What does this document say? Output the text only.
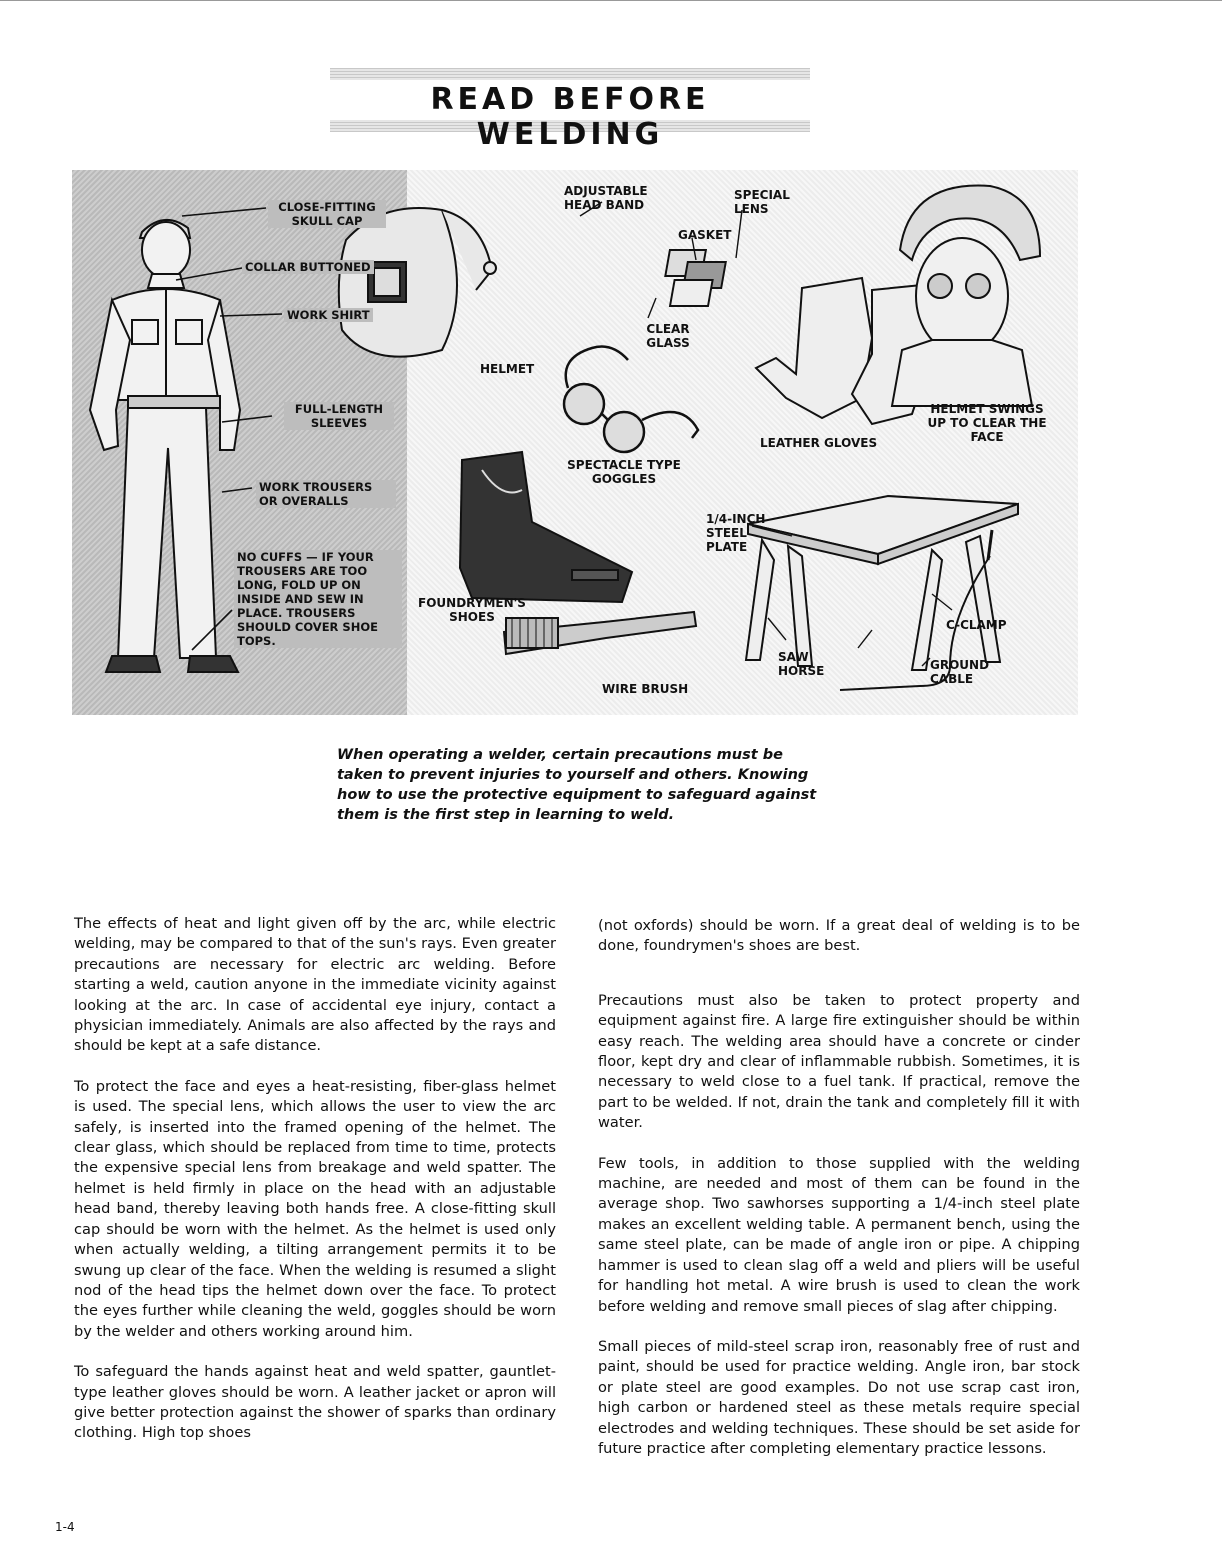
READ BEFORE WELDING
CLOSE-FITTING SKULL CAP
COLLAR BUTTONED
WORK SHIRT
FULL-LENGTH SLEEVES
WORK TROUSERS OR OVERALLS
NO CUFFS — IF YOUR TROUSERS ARE TOO LONG, FOLD UP ON INSIDE AND SEW IN PLACE. TROUSERS SHOULD COVER SHOE TOPS.
ADJUSTABLE HEAD BAND
SPECIAL LENS
GASKET
CLEAR GLASS
HELMET
SPECTACLE TYPE GOGGLES
LEATHER GLOVES
HELMET SWINGS UP TO CLEAR THE FACE
1/4-INCH STEEL PLATE
FOUNDRYMEN'S SHOES
C-CLAMP
SAW HORSE	GROUND CABLE
WIRE BRUSH

When operating a welder, certain precautions must be taken to prevent injuries to yourself and others. Knowing how to use the protective equipment to safeguard against them is the first step in learning to weld.

The effects of heat and light given off by the arc, while electric welding, may be compared to that of the sun's rays. Even greater precautions are necessary for electric arc welding. Before starting a weld, caution anyone in the immediate vicinity against looking at the arc. In case of accidental eye injury, contact a physician immediately. Animals are also affected by the rays and should be kept at a safe distance.

To protect the face and eyes a heat-resisting, fiber-glass helmet is used. The special lens, which allows the user to view the arc safely, is inserted into the framed opening of the helmet. The clear glass, which should be replaced from time to time, protects the expensive special lens from breakage and weld spatter. The helmet is held firmly in place on the head with an adjustable head band, thereby leaving both hands free. A close-fitting skull cap should be worn with the helmet. As the helmet is used only when actually welding, a tilting arrangement permits it to be swung up clear of the face. When the welding is resumed a slight nod of the head tips the helmet down over the face. To protect the eyes further while cleaning the weld, goggles should be worn by the welder and others working around him.

To safeguard the hands against heat and weld spatter, gauntlet-type leather gloves should be worn. A leather jacket or apron will give better protection against the shower of sparks than ordinary clothing. High top shoes

(not oxfords) should be worn. If a great deal of welding is to be done, foundrymen's shoes are best.

Precautions must also be taken to protect property and equipment against fire. A large fire extinguisher should be within easy reach. The welding area should have a concrete or cinder floor, kept dry and clear of inflammable rubbish. Sometimes, it is necessary to weld close to a fuel tank. If practical, remove the part to be welded. If not, drain the tank and completely fill it with water.

Few tools, in addition to those supplied with the welding machine, are needed and most of them can be found in the average shop. Two sawhorses supporting a 1/4-inch steel plate makes an excellent welding table. A permanent bench, using the same steel plate, can be made of angle iron or pipe. A chipping hammer is used to clean slag off a weld and pliers will be useful for handling hot metal. A wire brush is used to clean the work before welding and remove small pieces of slag after chipping.

Small pieces of mild-steel scrap iron, reasonably free of rust and paint, should be used for practice welding. Angle iron, bar stock or plate steel are good examples. Do not use scrap cast iron, high carbon or hardened steel as these metals require special electrodes and welding techniques. These should be set aside for future practice after completing elementary practice lessons.

1-4
